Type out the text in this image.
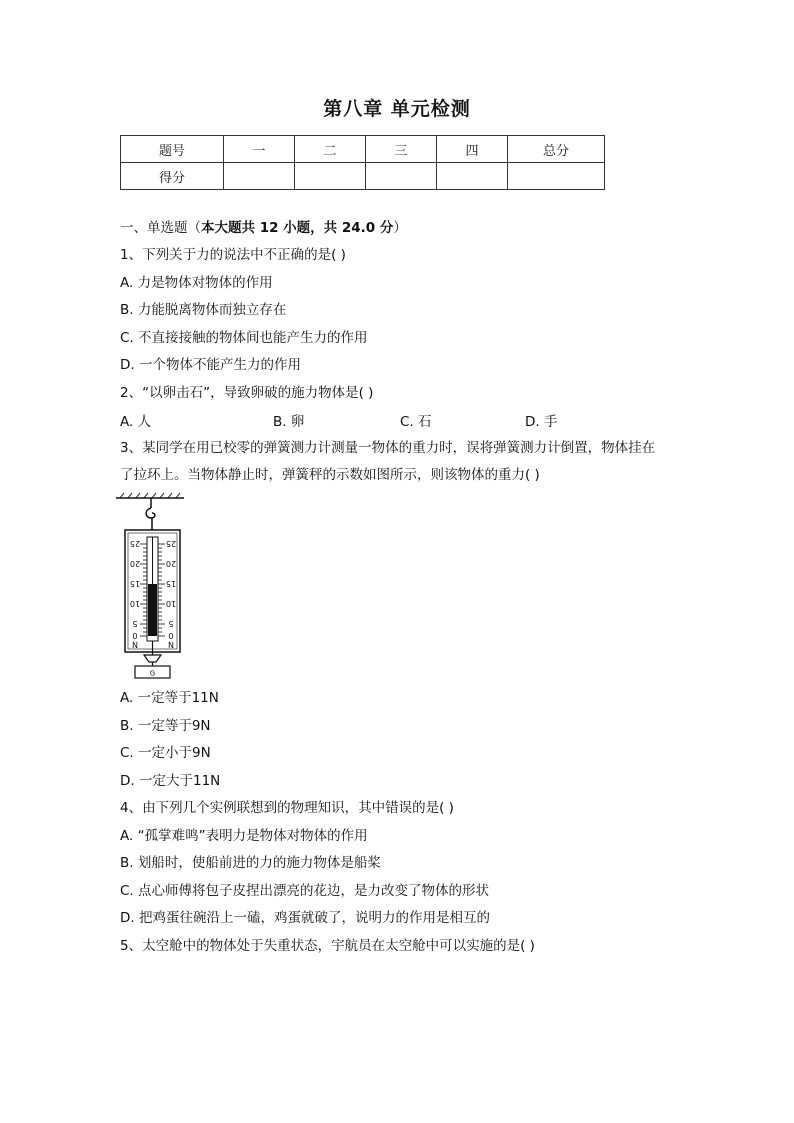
第八章 单元检测
题号	一	二	三	四	总分
得分					
一、单选题（本大题共 12 小题，共 24.0 分）
1、下列关于力的说法中不正确的是( )
A. 力是物体对物体的作用
B. 力能脱离物体而独立存在
C. 不直接接触的物体间也能产生力的作用
D. 一个物体不能产生力的作用
2、“以卵击石”，导致卵破的施力物体是( )
A. 人	B. 卵	C. 石	D. 手
3、某同学在用已校零的弹簧测力计测量一物体的重力时，误将弹簧测力计倒置，物体挂在
了拉环上。当物体静止时，弹簧秤的示数如图所示，则该物体的重力( )
25
20
15
10
5
0
N
25
20
15
10
5
0
N
G
A. 一定等于11N
B. 一定等于9N
C. 一定小于9N
D. 一定大于11N
4、由下列几个实例联想到的物理知识，其中错误的是( )
A. “孤掌难鸣”表明力是物体对物体的作用
B. 划船时，使船前进的力的施力物体是船桨
C. 点心师傅将包子皮捏出漂亮的花边，是力改变了物体的形状
D. 把鸡蛋往碗沿上一磕，鸡蛋就破了，说明力的作用是相互的
5、太空舱中的物体处于失重状态，宇航员在太空舱中可以实施的是( )
